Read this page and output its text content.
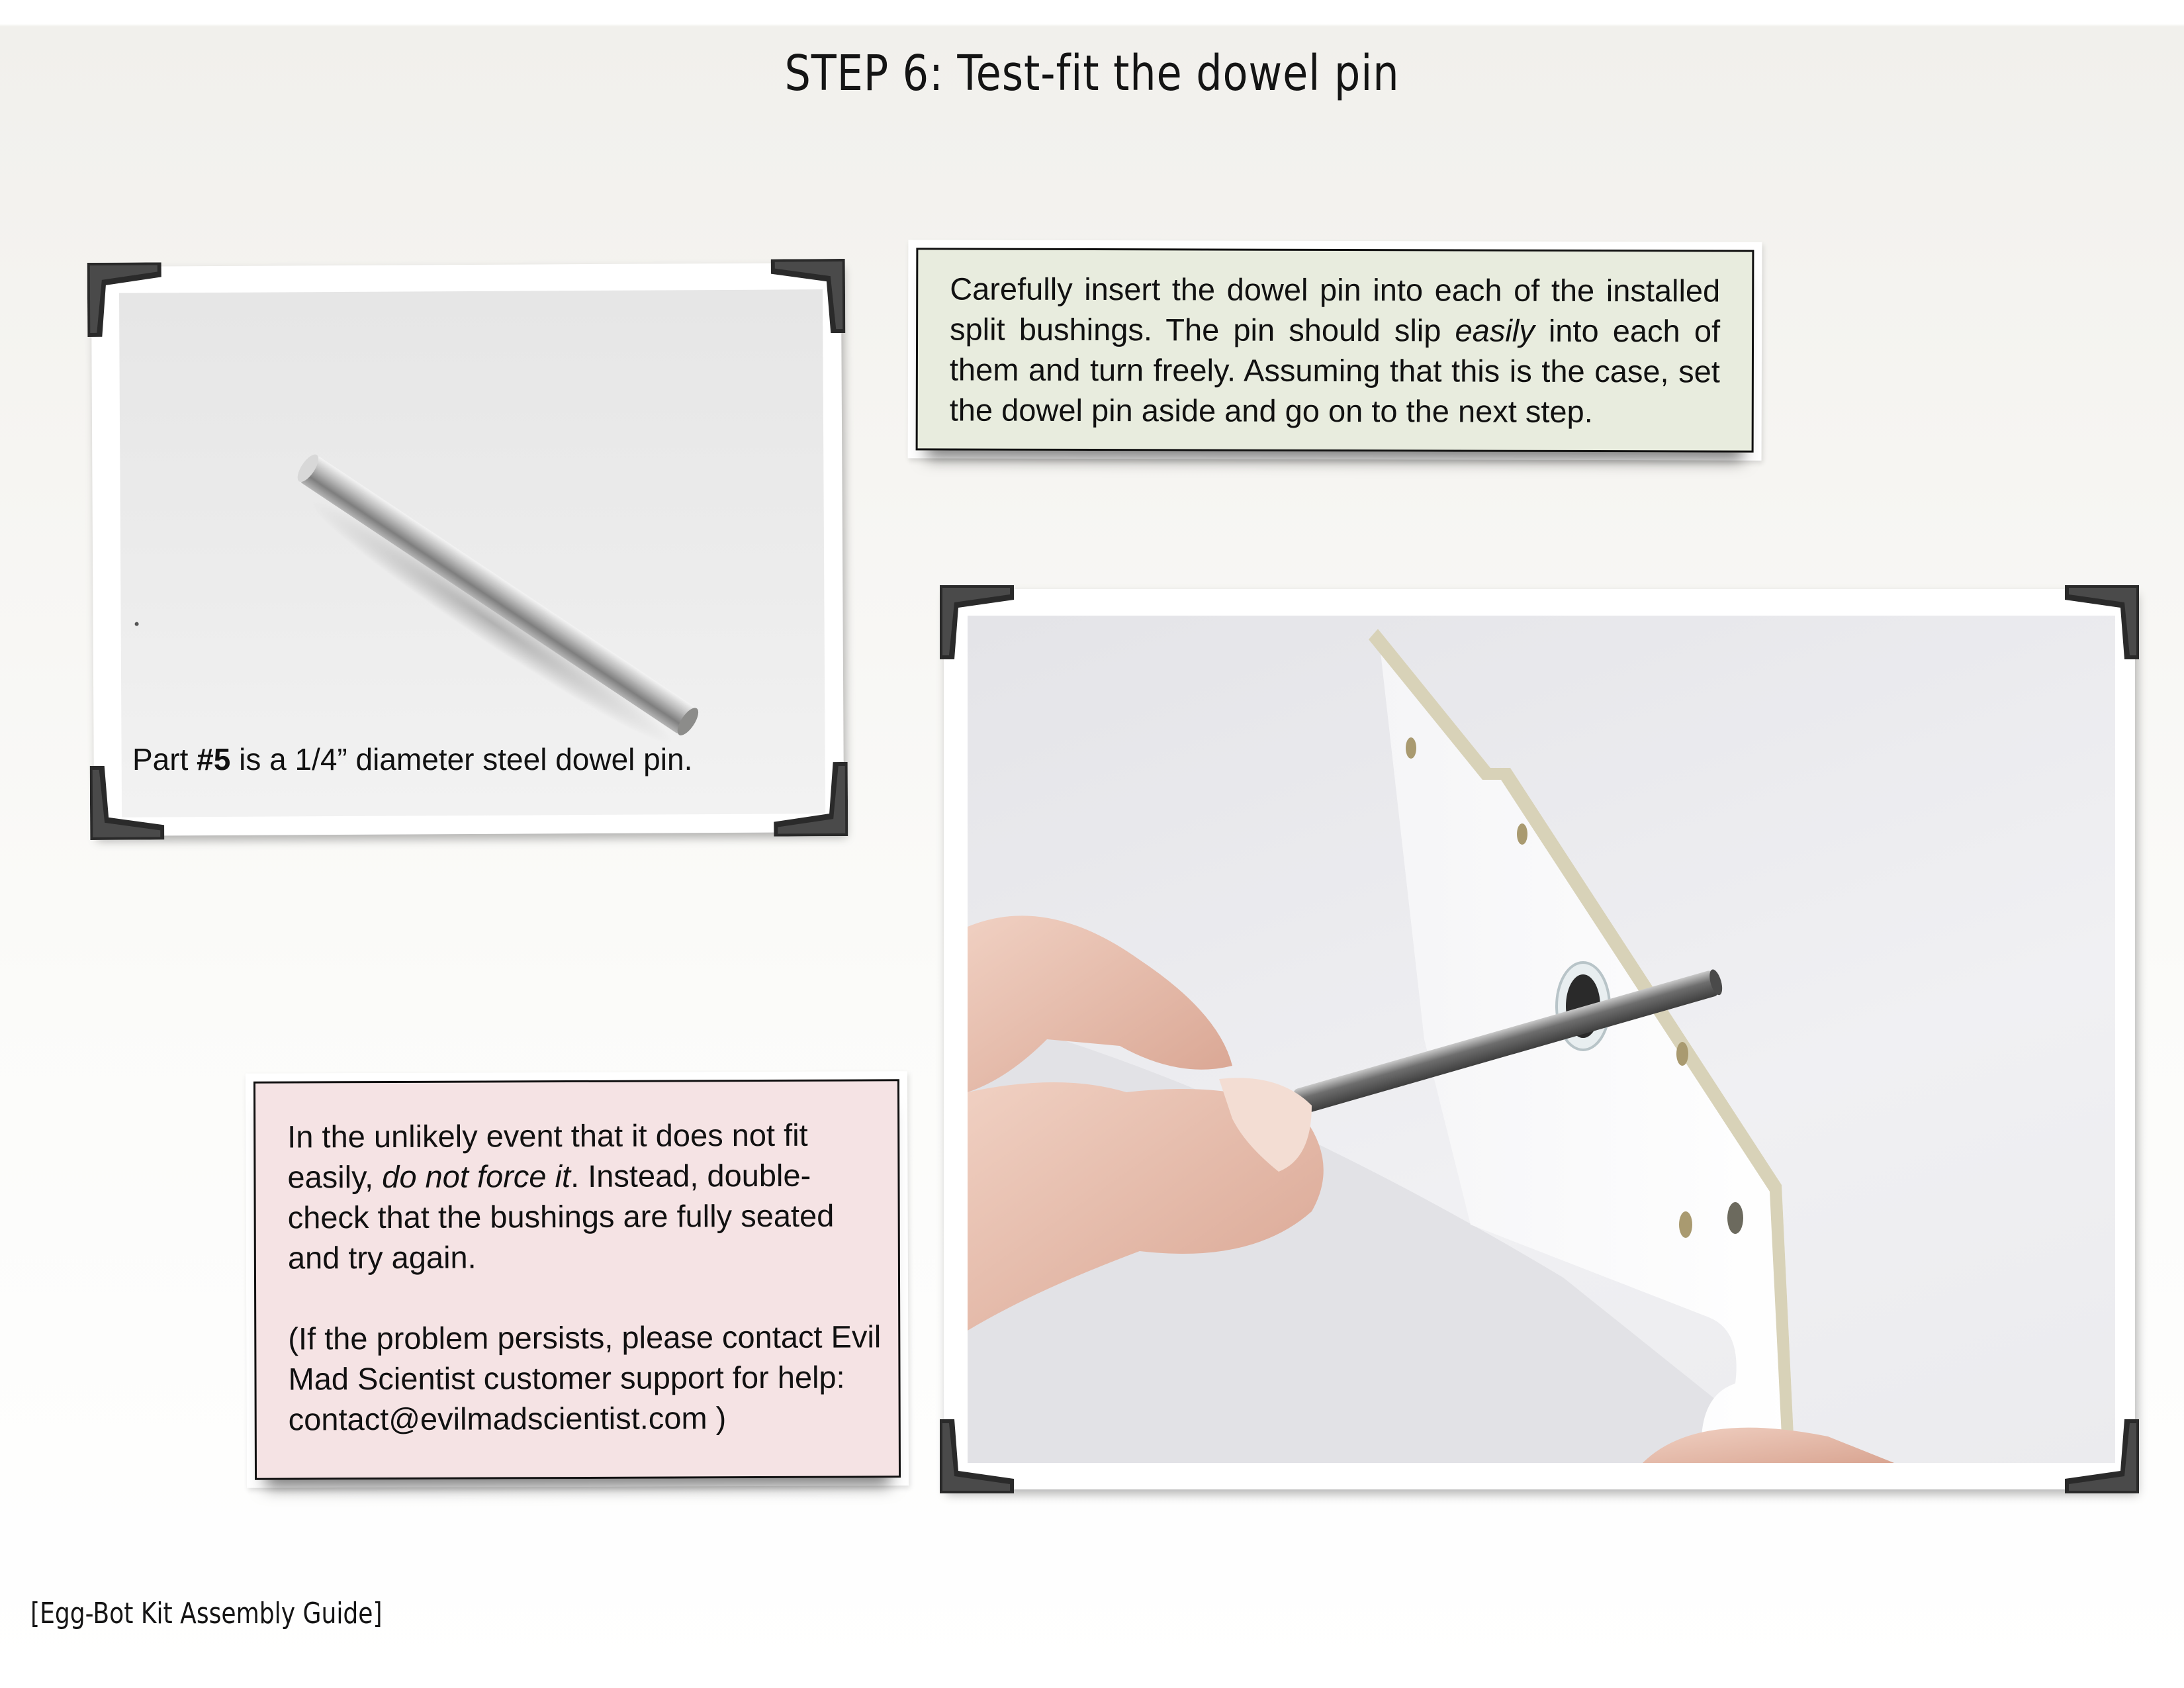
STEP 6: Test-fit the dowel pin
Part #5 is a 1/4” diameter steel dowel pin.

Carefully insert the dowel pin into each of the installed split bushings. The pin should slip easily into each of them and turn freely. Assuming that this is the case, set the dowel pin aside and go on to the next step.

In the unlikely event that it does not fit easily, do not force it. Instead, double-check that the bushings are fully seated and try again.

(If the problem persists, please contact Evil Mad Scientist customer support for help: contact@evilmadscientist.com )

[Egg-Bot Kit Assembly Guide]
